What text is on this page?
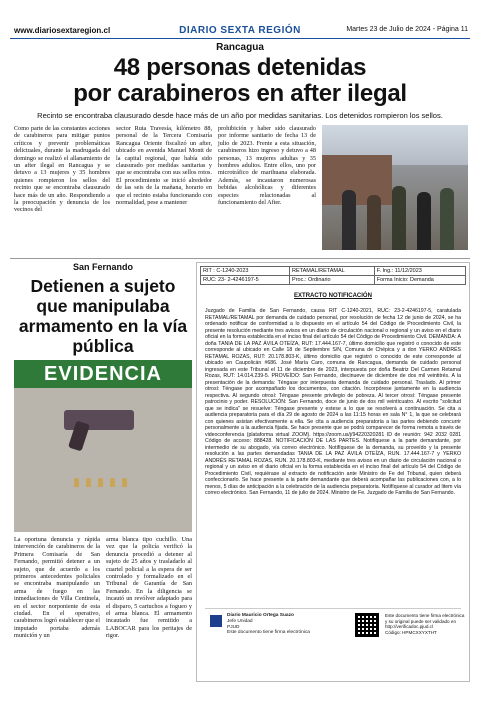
www.diariosextaregion.cl	DIARIO SEXTA REGIÓN	Martes 23 de Julio de 2024 - Página 11
Rancagua
48 personas detenidas
por carabineros en after ilegal
Recinto se encontraba clausurado desde hace más de un año por medidas sanitarias. Los detenidos rompieron los sellos.
Como parte de las constantes acciones de carabineros para mitigar puntos críticos y prevenir problemáticas delictuales, durante la madrugada del domingo se realizó el allanamiento de un after ilegal en Rancagua y se detuvo a 13 mujeres y 35 hombres quienes rompieron los sellos del recinto que se encontraba clausurado hace más de un año. Respondiendo a la preocupación y denuncia de los vecinos del
sector Ruta Travesía, kilómetro 88, personal de la Tercera Comisaría Rancagua Oriente fiscalizó un after, ubicado en avenida Manuel Montt de la capital regional, que había sido clausurado por medidas sanitarias y que se encontraba con sus sellos rotos. El procedimiento se inició alrededor de las seis de la mañana, horario en que el recinto estaba funcionando con normalidad, pese a mantener
prohibición y haber sido clausurado por informe sanitario de fecha 13 de julio de 2023. Frente a esta situación, carabineros hizo ingreso y detuvo a 48 personas, 13 mujeres adultas y 35 hombres adultos. Entre ellos, uno por microtráfico de marihuana elaborada. Además, se incautaron numerosas bebidas alcohólicas y diferentes especies relacionadas al funcionamiento del After.
San Fernando
Detienen a sujeto que manipulaba armamento en la vía pública
EVIDENCIA
La oportuna denuncia y rápida intervención de carabineros de la Primera Comisaría de San Fernando, permitió detener a un sujeto, que de acuerdo a los primeros antecedentes policiales se encontraba manipulando un arma de fuego en las inmediaciones de Villa Centinela, en el sector norponiente de esta ciudad. En el operativo, carabineros logró establecer que el imputado portaba además munición y un
arma blanca tipo cuchillo. Una vez que la policía verificó la denuncia procedió a detener al sujeto de 25 años y trasladarlo al cuartel policial a la espera de ser controlado y formalizado en el Tribunal de Garantía de San Fernando. En la diligencia se incautó un revólver adaptado para el disparo, 5 cartuchos a fogueo y el arma blanca. El armamento incautado fue remitido a LABOCAR para los peritajes de rigor.
RIT : C-1240-2023	RETAMAL/RETAMAL	F. Ing.: 11/12/2023
RUC: 23- 2-4246197-5	Proc.: Ordinario	Forma Inicio: Demanda
EXTRACTO NOTIFICACIÓN
Juzgado de Familia de San Fernando, causa RIT C-1240-2021, RUC: 23-2-4246197-5, caratulada RETAMAL/RETAMAL por demanda de cuidado personal, por resolución de fecha 12 de junio de 2024, se ha ordenado notificar de conformidad a lo dispuesto en el artículo 54 del Código de Procedimiento Civil, la presente resolución mediante tres avisos en un diario de circulación nacional o regional y un aviso en el diario oficial en la forma establecida en el inciso final del artículo 54 del Código de Procedimiento Civil. DEMANDA: A doña TANIA DE LA PAZ ÁVILA OTEÍZA, RUT: 17.444.167-7, último domicilio que registró o conocido de este corresponde al ubicado en Calle 18 de Septiembre S/N, Comuna de Chépica y a don YERKO ANDRÉS RETAMAL ROZAS, RUT: 20.178.803-K, último domicilio que registró o conocido de este corresponde al ubicado en Caupolicán #686. José María Caro, comuna de Rancagua, demanda de cuidado personal ingresada en este Tribunal el 11 de diciembre de 2023, interpuesta por doña Beatriz Del Carmen Retamal Rozas, RUT: 14.014.239-5. PROVEÍDO: San Fernando, diecinueve de diciembre de dos mil veintitrés. A la presentación de la demanda: Téngase por interpuesta demanda de cuidado personal. Traslado. Al primer otrosí: Téngase por acompañado los documentos, con citación. Incorpórese juntamente en la audiencia respectiva. Al segundo otrosí: Téngase presente privilegio de pobreza. Al tercer otrosí: Téngase presente patrocinio y poder. RESOLUCIÓN: San Fernando, doce de junio de dos mil veinticuatro. Al escrito "solicitud que se indica" se resuelve: Téngase presente y estese a lo que se resolverá a continuación. Se cita a audiencia preparatoria para el día 29 de agosto de 2024 a las 11:15 horas en sala N° 1, la que se celebrará con quienes asistan efectivamente a ella. Se cita a audiencia preparatoria a las partes debiendo concurrir personalmente a la audiencia fijada. Se hace presente que se podrá comparecer de forma remota a través de videoconferencia (plataforma virtual ZOOM). https://zoom.us/j/94220320281 ID de reunión: 942 2032 0281 Código de acceso: 888428. NOTIFICACIÓN DE LAS PARTES. Notifíquese a la parte demandante, por intermedio de su abogado, vía correo electrónico. Notifíquese de la demanda, su proveído y la presente resolución a las partes demandadas TANIA DE LA PAZ ÁVILA OTEÍZA, RUN. 17.444.167-7 y YERKO ANDRÉS RETAMAL ROZAS, RUN. 20.178.803-K, mediante tres avisos en un diario de circulación nacional o regional y un aviso en el diario oficial en la forma establecida en el inciso final del artículo 54 del Código de Procedimiento Civil, requiérase al extracto de notificación ante Ministro de Fe del Tribunal, quien deberá confeccionarlo. Se hace presente a la parte demandante que deberá acompañar las publicaciones con, a lo menos, 5 días de anticipación a la celebración de la audiencia preparatoria. Notifíquese al curador ad litem vía correo electrónico. San Fernando, 11 de julio de 2024. Ministro de Fe. Juzgado de Familia de San Fernando.
Diario Mauricio Ortega Suazo
Jefe Unidad
PJUD
Este documento tiene firma electrónica
Este documento tiene firma electrónica y su original puede ser validado en http://verificadoc.pjud.cl
Código: HPMCXXYXTHT
